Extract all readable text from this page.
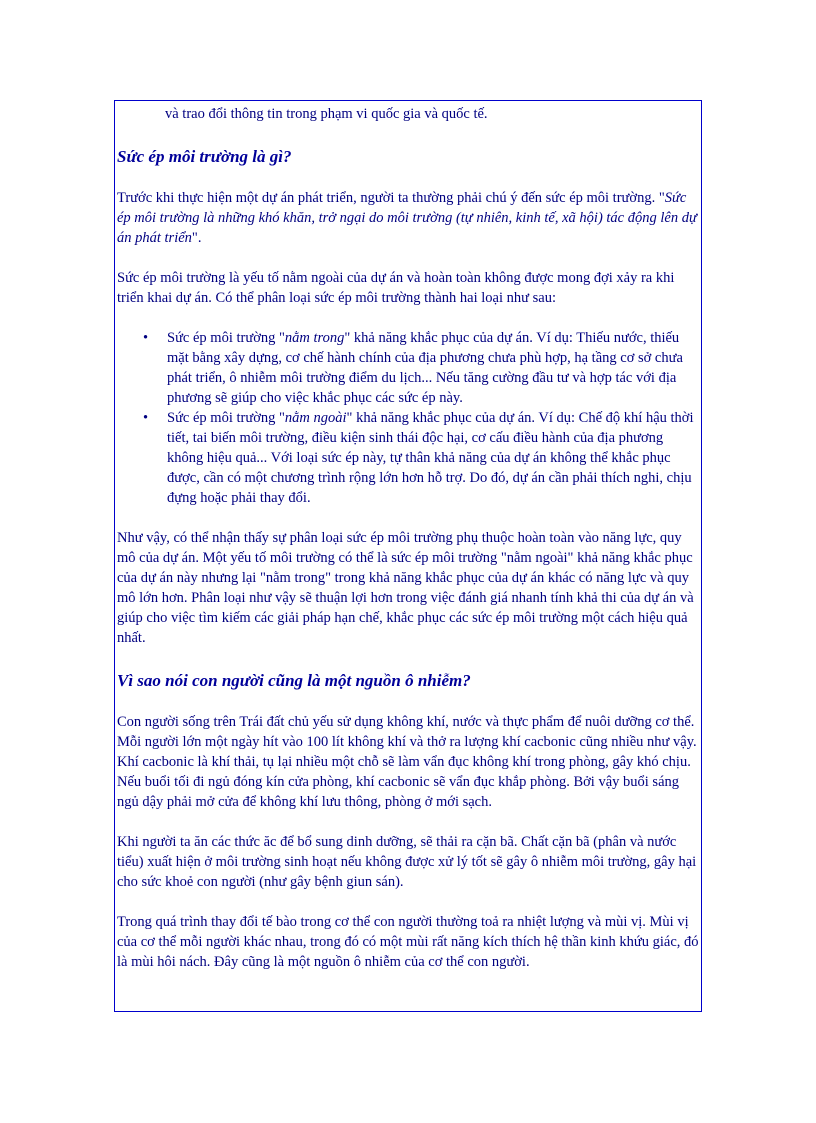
và trao đổi thông tin trong phạm vi quốc gia và quốc tế.

Sức ép môi trường là gì?

Trước khi thực hiện một dự án phát triển, người ta thường phải chú ý đến sức ép môi trường. "Sức ép môi trường là những khó khăn, trở ngại do môi trường (tự nhiên, kinh tế, xã hội) tác động lên dự án phát triển".

Sức ép môi trường là yếu tố nằm ngoài của dự án và hoàn toàn không được mong đợi xảy ra khi triển khai dự án. Có thể phân loại sức ép môi trường thành hai loại như sau:

• Sức ép môi trường "nằm trong" khả năng khắc phục của dự án. Ví dụ: Thiếu nước, thiếu mặt bằng xây dựng, cơ chế hành chính của địa phương chưa phù hợp, hạ tầng cơ sở chưa phát triển, ô nhiễm môi trường điểm du lịch... Nếu tăng cường đầu tư và hợp tác với địa phương sẽ giúp cho việc khắc phục các sức ép này.
• Sức ép môi trường "nằm ngoài" khả năng khắc phục của dự án. Ví dụ: Chế độ khí hậu thời tiết, tai biến môi trường, điều kiện sinh thái độc hại, cơ cấu điều hành của địa phương không hiệu quả... Với loại sức ép này, tự thân khả năng của dự án không thể khắc phục được, cần có một chương trình rộng lớn hơn hỗ trợ. Do đó, dự án cần phải thích nghi, chịu đựng hoặc phải thay đổi.

Như vậy, có thể nhận thấy sự phân loại sức ép môi trường phụ thuộc hoàn toàn vào năng lực, quy mô của dự án. Một yếu tố môi trường có thể là sức ép môi trường "nằm ngoài" khả năng khắc phục của dự án này nhưng lại "nằm trong" trong khả năng khắc phục của dự án khác có năng lực và quy mô lớn hơn. Phân loại như vậy sẽ thuận lợi hơn trong việc đánh giá nhanh tính khả thi của dự án và giúp cho việc tìm kiếm các giải pháp hạn chế, khắc phục các sức ép môi trường một cách hiệu quả nhất.

Vì sao nói con người cũng là một nguồn ô nhiễm?

Con người sống trên Trái đất chủ yếu sử dụng không khí, nước và thực phẩm để nuôi dưỡng cơ thể. Mỗi người lớn một ngày hít vào 100 lít không khí và thở ra lượng khí cacbonic cũng nhiều như vậy. Khí cacbonic là khí thải, tụ lại nhiều một chỗ sẽ làm vẩn đục không khí trong phòng, gây khó chịu. Nếu buổi tối đi ngủ đóng kín cửa phòng, khí cacbonic sẽ vẩn đục khắp phòng. Bởi vậy buổi sáng ngủ dậy phải mở cửa để không khí lưu thông, phòng ở mới sạch.

Khi người ta ăn các thức ăc để bổ sung dinh dưỡng, sẽ thải ra cặn bã. Chất cặn bã (phân và nước tiểu) xuất hiện ở môi trường sinh hoạt nếu không được xử lý tốt sẽ gây ô nhiễm môi trường, gây hại cho sức khoẻ con người (như gây bệnh giun sán).

Trong quá trình thay đổi tế bào trong cơ thể con người thường toả ra nhiệt lượng và mùi vị. Mùi vị của cơ thể mỗi người khác nhau, trong đó có một mùi rất năng kích thích hệ thần kinh khứu giác, đó là mùi hôi nách. Đây cũng là một nguồn ô nhiễm của cơ thể con người.
